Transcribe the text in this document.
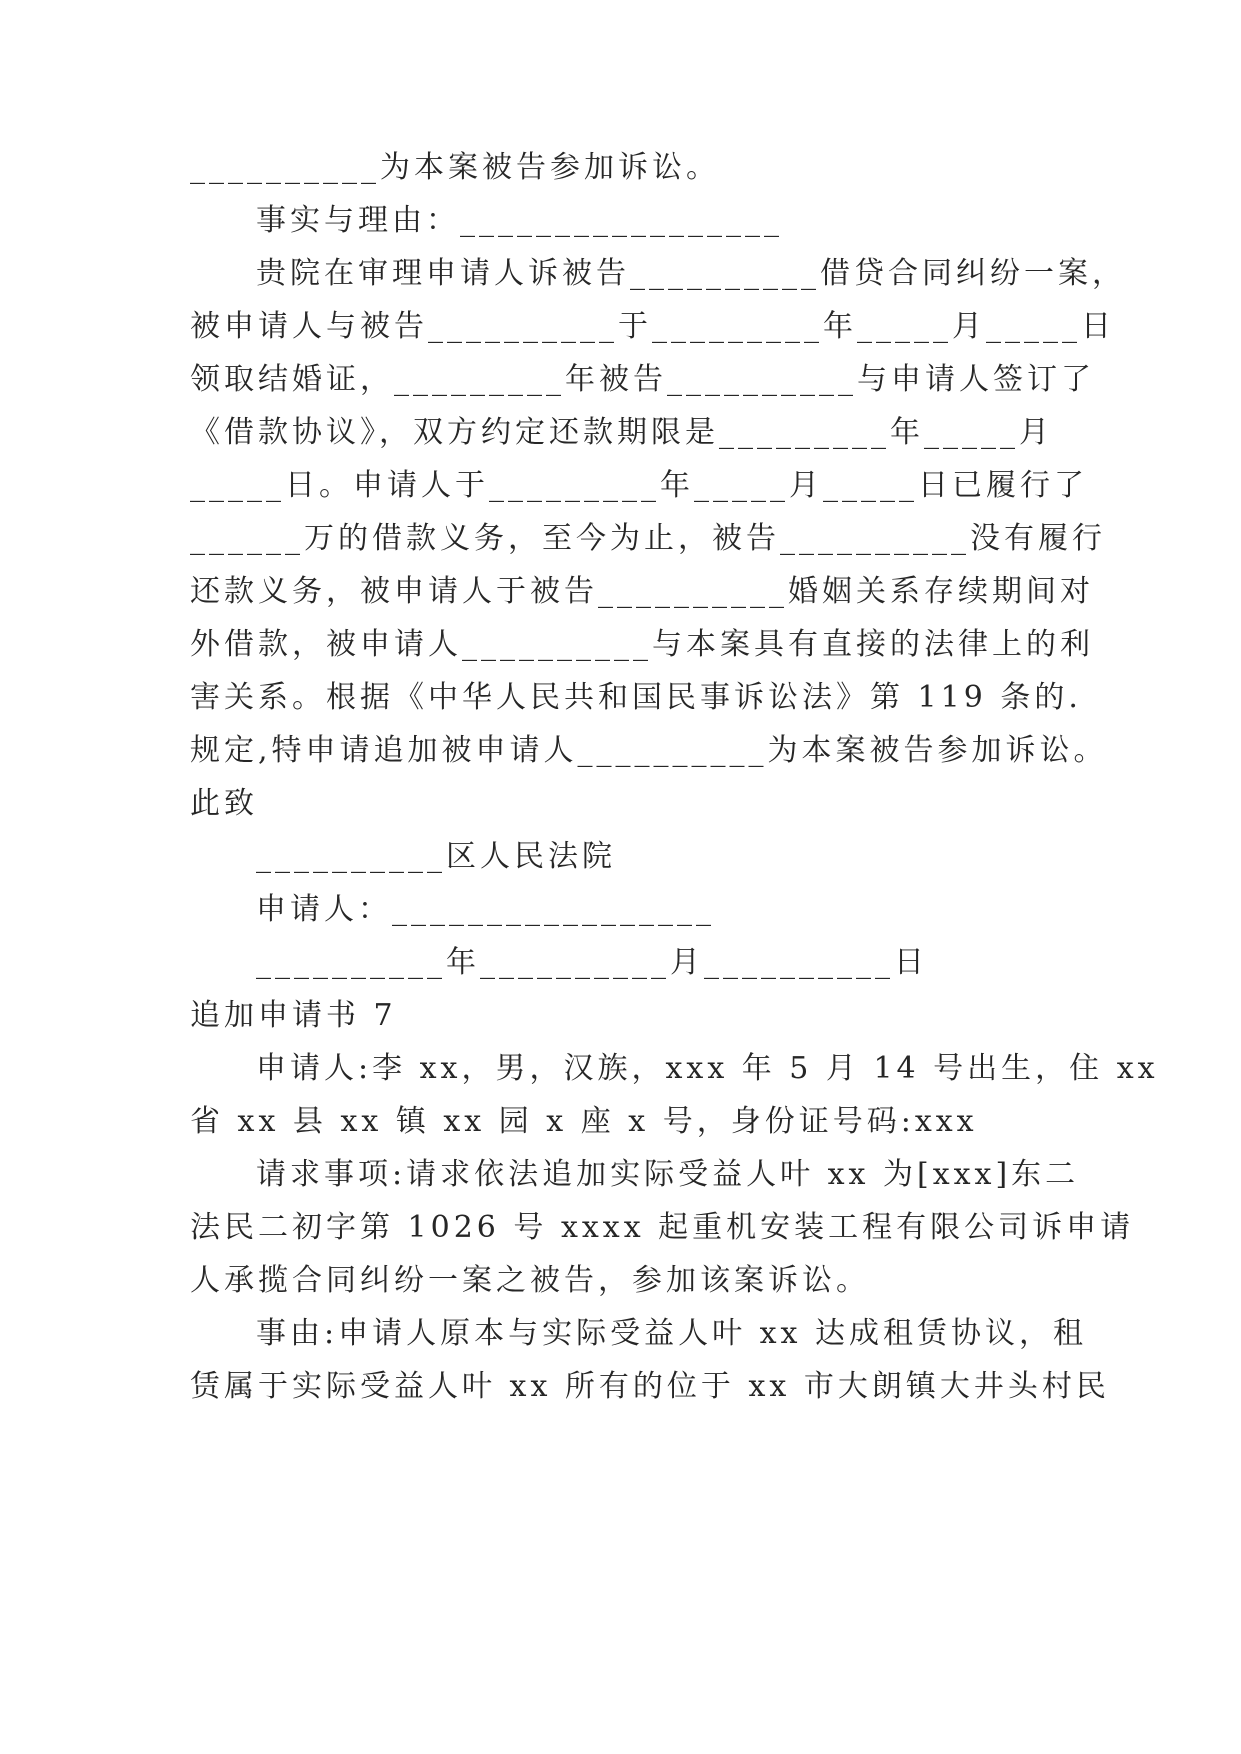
__________为本案被告参加诉讼。
事实与理由：_________________
贵院在审理申请人诉被告__________借贷合同纠纷一案，
被申请人与被告__________于_________年_____月_____日
领取结婚证，_________年被告__________与申请人签订了
《借款协议》，双方约定还款期限是_________年_____月
_____日。申请人于_________年_____月_____日已履行了
______万的借款义务，至今为止，被告__________没有履行
还款义务，被申请人于被告__________婚姻关系存续期间对
外借款，被申请人__________与本案具有直接的法律上的利
害关系。根据《中华人民共和国民事诉讼法》第 119 条的.
规定,特申请追加被申请人__________为本案被告参加诉讼。
此致
__________区人民法院
申请人：_________________
__________年__________月__________日
追加申请书 7
申请人:李 xx，男，汉族，xxx 年 5 月 14 号出生，住 xx
省 xx 县 xx 镇 xx 园 x 座 x 号，身份证号码:xxx
请求事项:请求依法追加实际受益人叶 xx 为[xxx]东二
法民二初字第 1026 号 xxxx 起重机安装工程有限公司诉申请
人承揽合同纠纷一案之被告，参加该案诉讼。
事由:申请人原本与实际受益人叶 xx 达成租赁协议，租
赁属于实际受益人叶 xx 所有的位于 xx 市大朗镇大井头村民
